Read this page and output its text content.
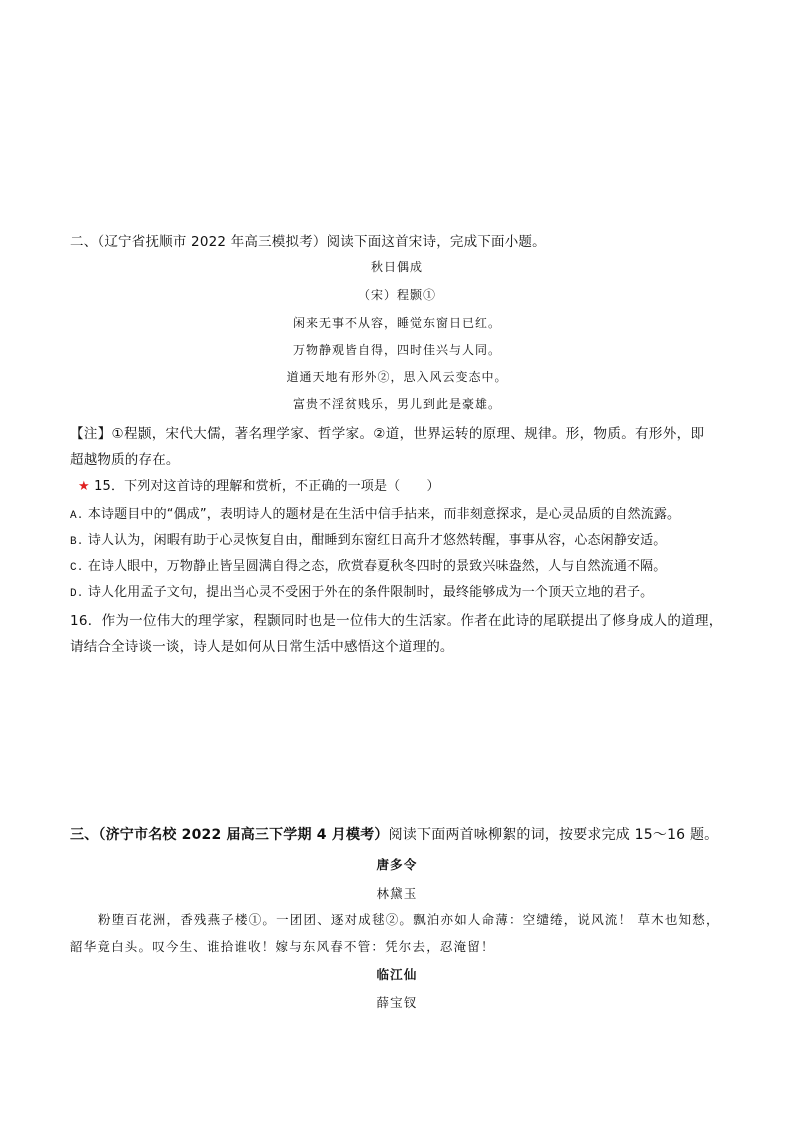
二、（辽宁省抚顺市 2022 年高三模拟考）阅读下面这首宋诗，完成下面小题。
秋日偶成
（宋）程颢①
闲来无事不从容，睡觉东窗日已红。
万物静观皆自得，四时佳兴与人同。
道通天地有形外②，思入风云变态中。
富贵不淫贫贱乐，男儿到此是豪雄。
【注】①程颢，宋代大儒，著名理学家、哲学家。②道，世界运转的原理、规律。形，物质。有形外，即
超越物质的存在。
★ 15．下列对这首诗的理解和赏析，不正确的一项是（　　）
A. 本诗题目中的“偶成”，表明诗人的题材是在生活中信手拈来，而非刻意探求，是心灵品质的自然流露。
B. 诗人认为，闲暇有助于心灵恢复自由，酣睡到东窗红日高升才悠然转醒，事事从容，心态闲静安适。
C. 在诗人眼中，万物静止皆呈圆满自得之态，欣赏春夏秋冬四时的景致兴味盎然，人与自然流通不隔。
D. 诗人化用孟子文句，提出当心灵不受困于外在的条件限制时，最终能够成为一个顶天立地的君子。
16．作为一位伟大的理学家，程颢同时也是一位伟大的生活家。作者在此诗的尾联提出了修身成人的道理，
请结合全诗谈一谈，诗人是如何从日常生活中感悟这个道理的。
三、（济宁市名校 2022 届高三下学期 4 月模考）阅读下面两首咏柳絮的词，按要求完成 15～16 题。
唐多令
林黛玉
粉堕百花洲，香残燕子楼①。一团团、逐对成毬②。飘泊亦如人命薄：空缱绻，说风流！ 草木也知愁，
韶华竟白头。叹今生、谁拾谁收！嫁与东风春不管：凭尔去，忍淹留！
临江仙
薛宝钗
